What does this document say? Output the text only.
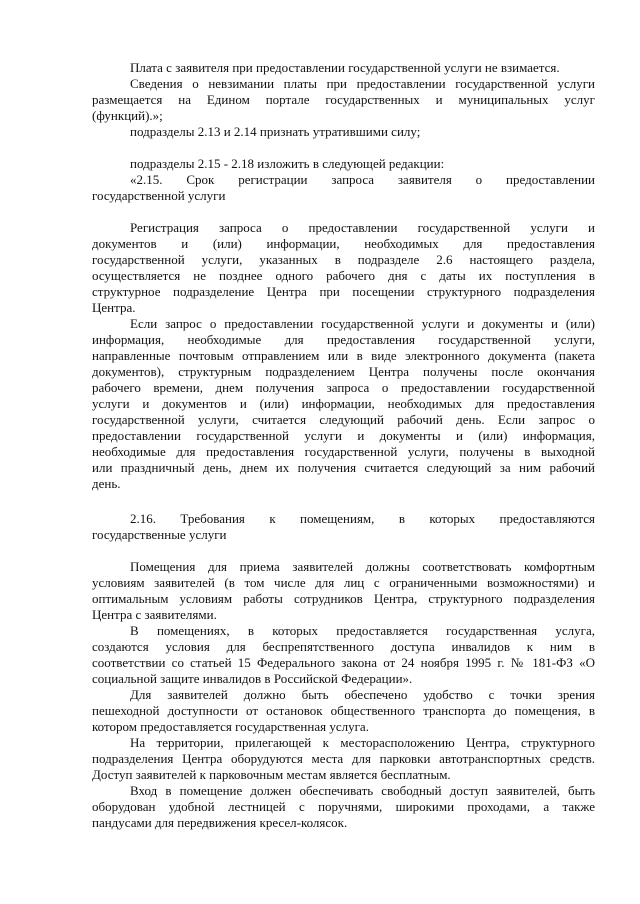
Плата с заявителя при предоставлении государственной услуги не взимается.

Сведения о невзимании платы при предоставлении государственной услуги

размещается на Едином портале государственных и муниципальных услуг

(функций).»;

подразделы 2.13 и 2.14 признать утратившими силу;

подразделы 2.15 - 2.18 изложить в следующей редакции:

«2.15. Срок регистрации запроса заявителя о предоставлении

государственной услуги

Регистрация запроса о предоставлении государственной услуги и

документов и (или) информации, необходимых для предоставления

государственной услуги, указанных в подразделе 2.6 настоящего раздела,

осуществляется не позднее одного рабочего дня с даты их поступления в

структурное подразделение Центра при посещении структурного подразделения

Центра.

Если запрос о предоставлении государственной услуги и документы и (или)

информация, необходимые для предоставления государственной услуги,

направленные почтовым отправлением или в виде электронного документа (пакета

документов), структурным подразделением Центра получены после окончания

рабочего времени, днем получения запроса о предоставлении государственной

услуги и документов и (или) информации, необходимых для предоставления

государственной услуги, считается следующий рабочий день. Если запрос о

предоставлении государственной услуги и документы и (или) информация,

необходимые для предоставления государственной услуги, получены в выходной

или праздничный день, днем их получения считается следующий за ним рабочий

день.

2.16. Требования к помещениям, в которых предоставляются

государственные услуги

Помещения для приема заявителей должны соответствовать комфортным

условиям заявителей (в том числе для лиц с ограниченными возможностями) и

оптимальным условиям работы сотрудников Центра, структурного подразделения

Центра с заявителями.

В помещениях, в которых предоставляется государственная услуга,

создаются условия для беспрепятственного доступа инвалидов к ним в

соответствии со статьей 15 Федерального закона от 24 ноября 1995 г. № 181-ФЗ «О

социальной защите инвалидов в Российской Федерации».

Для заявителей должно быть обеспечено удобство с точки зрения

пешеходной доступности от остановок общественного транспорта до помещения, в

котором предоставляется государственная услуга.

На территории, прилегающей к месторасположению Центра, структурного

подразделения Центра оборудуются места для парковки автотранспортных средств.

Доступ заявителей к парковочным местам является бесплатным.

Вход в помещение должен обеспечивать свободный доступ заявителей, быть

оборудован удобной лестницей с поручнями, широкими проходами, а также

пандусами для передвижения кресел-колясок.
